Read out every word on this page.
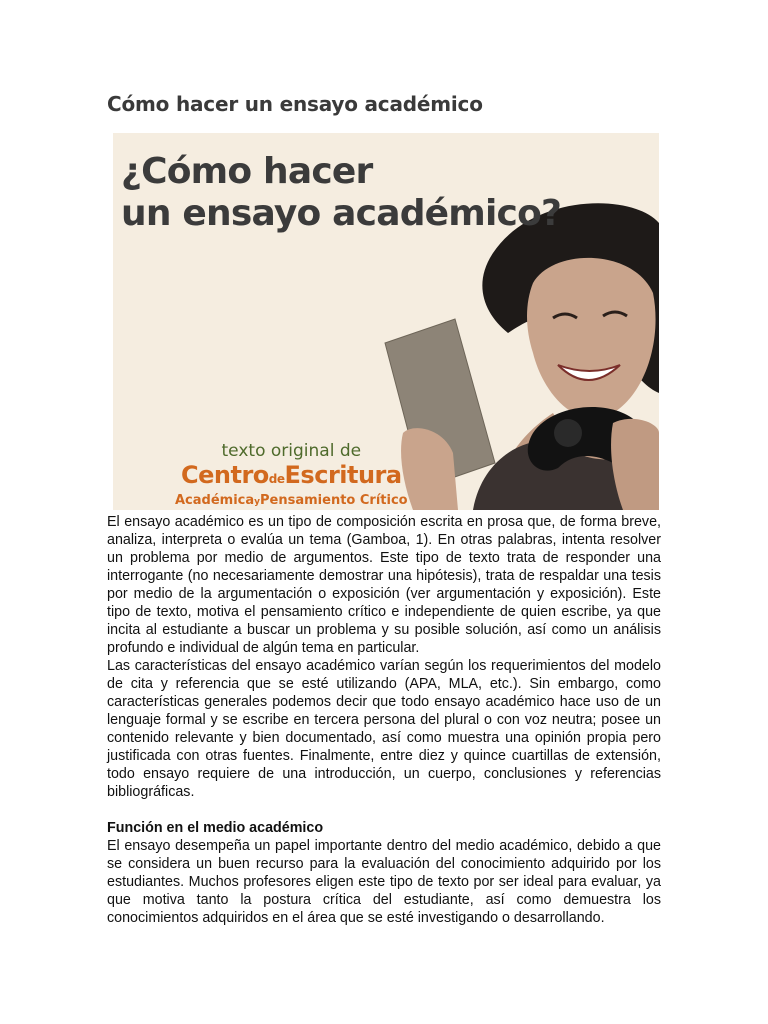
Cómo hacer un ensayo académico
¿Cómo hacer
un ensayo académico?
texto original de
CentrodeEscritura
AcadémicayPensamiento Crítico

El ensayo académico es un tipo de composición escrita en prosa que, de forma breve, analiza, interpreta o evalúa un tema (Gamboa, 1). En otras palabras, intenta resolver un problema por medio de argumentos. Este tipo de texto trata de responder una interrogante (no necesariamente demostrar una hipótesis), trata de respaldar una tesis por medio de la argumentación o exposición (ver argumentación y exposición). Este tipo de texto, motiva el pensamiento crítico e independiente de quien escribe, ya que incita al estudiante a buscar un problema y su posible solución, así como un análisis profundo e individual de algún tema en particular.

Las características del ensayo académico varían según los requerimientos del modelo de cita y referencia que se esté utilizando (APA, MLA, etc.). Sin embargo, como características generales podemos decir que todo ensayo académico hace uso de un lenguaje formal y se escribe en tercera persona del plural o con voz neutra; posee un contenido relevante y bien documentado, así como muestra una opinión propia pero justificada con otras fuentes. Finalmente, entre diez y quince cuartillas de extensión, todo ensayo requiere de una introducción, un cuerpo, conclusiones y referencias bibliográficas.

Función en el medio académico

El ensayo desempeña un papel importante dentro del medio académico, debido a que se considera un buen recurso para la evaluación del conocimiento adquirido por los estudiantes. Muchos profesores eligen este tipo de texto por ser ideal para evaluar, ya que motiva tanto la postura crítica del estudiante, así como demuestra los conocimientos adquiridos en el área que se esté investigando o desarrollando.
